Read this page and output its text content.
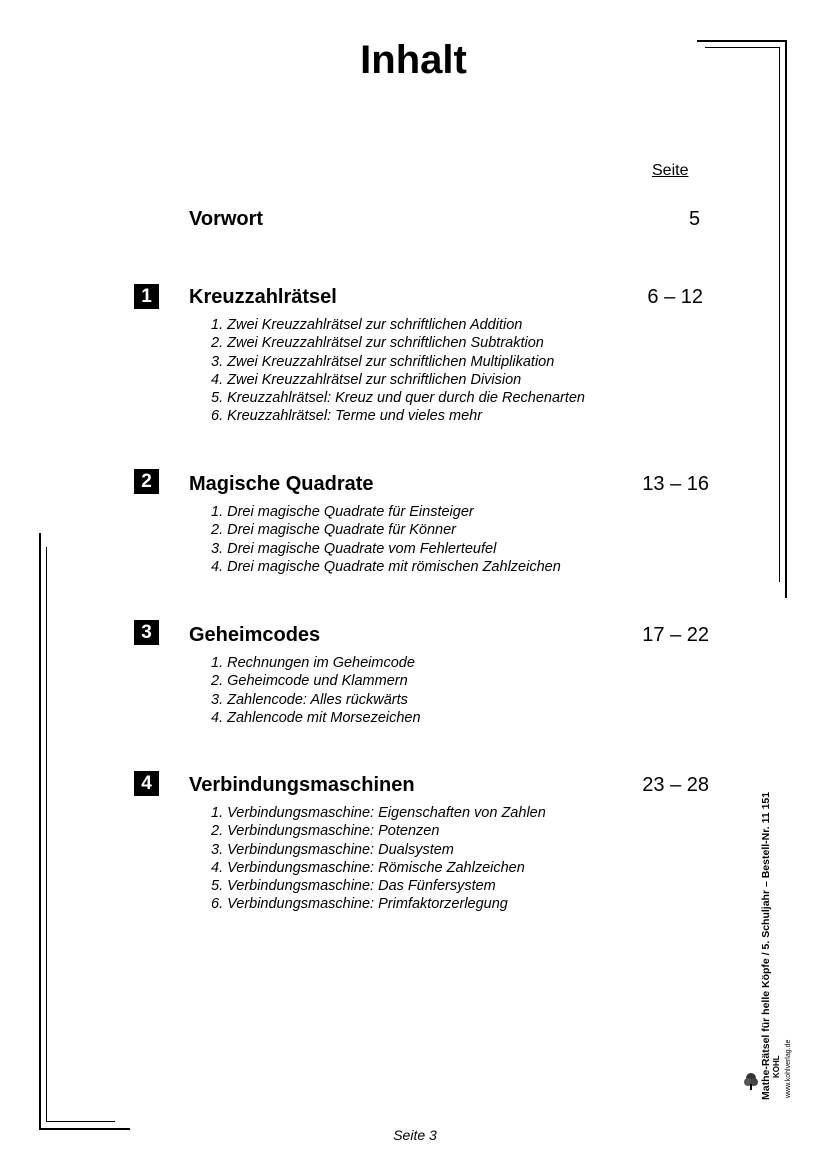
Inhalt
Seite
Vorwort	5
1	Kreuzzahlrätsel	6 – 12
1. Zwei Kreuzzahlrätsel zur schriftlichen Addition
2. Zwei Kreuzzahlrätsel zur schriftlichen Subtraktion
3. Zwei Kreuzzahlrätsel zur schriftlichen Multiplikation
4. Zwei Kreuzzahlrätsel zur schriftlichen Division
5. Kreuzzahlrätsel: Kreuz und quer durch die Rechenarten
6. Kreuzzahlrätsel: Terme und vieles mehr
2	Magische Quadrate	13 – 16
1. Drei magische Quadrate für Einsteiger
2. Drei magische Quadrate für Könner
3. Drei magische Quadrate vom Fehlerteufel
4. Drei magische Quadrate mit römischen Zahlzeichen
3	Geheimcodes	17 – 22
1. Rechnungen im Geheimcode
2. Geheimcode und Klammern
3. Zahlencode: Alles rückwärts
4. Zahlencode mit Morsezeichen
4	Verbindungsmaschinen	23 – 28
1. Verbindungsmaschine: Eigenschaften von Zahlen
2. Verbindungsmaschine: Potenzen
3. Verbindungsmaschine: Dualsystem
4. Verbindungsmaschine: Römische Zahlzeichen
5. Verbindungsmaschine: Das Fünfersystem
6. Verbindungsmaschine: Primfaktorzerlegung	Mathe-Rätsel für helle Köpfe / 5. Schuljahr – Bestell-Nr. 11 151 www.kohlverlag.de
KOHL
Seite 3
